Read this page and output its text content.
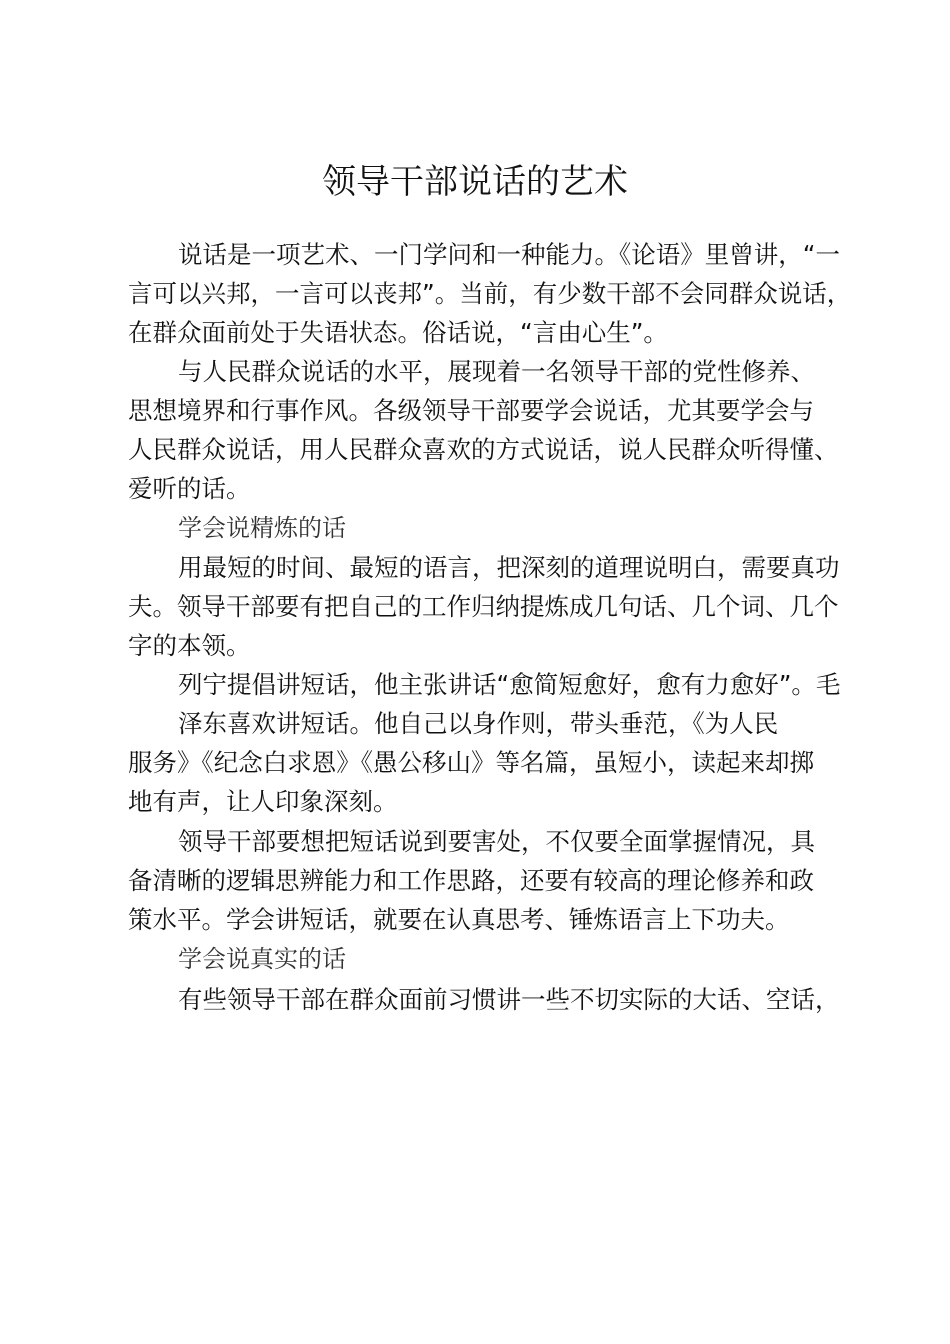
领导干部说话的艺术

说话是一项艺术、一门学问和一种能力。《论语》里曾讲，“一

言可以兴邦，一言可以丧邦”。当前，有少数干部不会同群众说话，

在群众面前处于失语状态。俗话说，“言由心生”。

与人民群众说话的水平，展现着一名领导干部的党性修养、

思想境界和行事作风。各级领导干部要学会说话，尤其要学会与

人民群众说话，用人民群众喜欢的方式说话，说人民群众听得懂、

爱听的话。

学会说精炼的话

用最短的时间、最短的语言，把深刻的道理说明白，需要真功

夫。领导干部要有把自己的工作归纳提炼成几句话、几个词、几个

字的本领。

列宁提倡讲短话，他主张讲话“愈简短愈好，愈有力愈好”。毛

泽东喜欢讲短话。他自己以身作则，带头垂范，《为人民

服务》《纪念白求恩》《愚公移山》等名篇，虽短小，读起来却掷

地有声，让人印象深刻。

领导干部要想把短话说到要害处，不仅要全面掌握情况，具

备清晰的逻辑思辨能力和工作思路，还要有较高的理论修养和政

策水平。学会讲短话，就要在认真思考、锤炼语言上下功夫。

学会说真实的话

有些领导干部在群众面前习惯讲一些不切实际的大话、空话，
